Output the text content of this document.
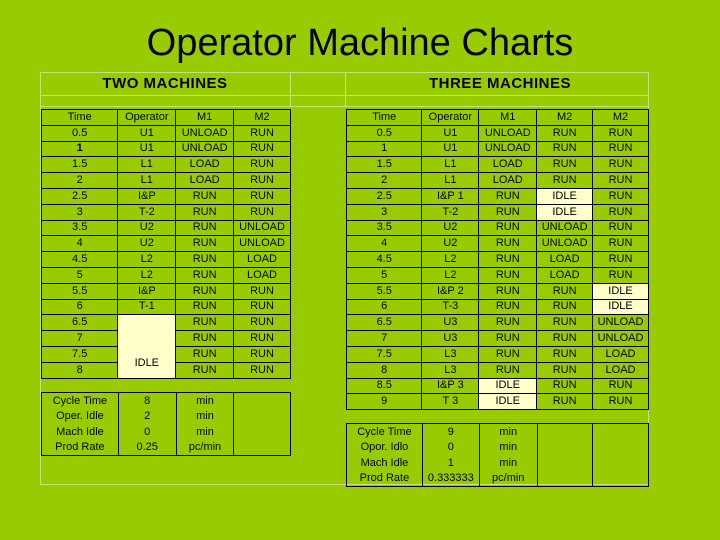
Operator Machine Charts
TWO MACHINES	THREE MACHINES
Time	Operator	M1	M2
0.5	U1	UNLOAD	RUN
1	U1	UNLOAD	RUN
1.5	L1	LOAD	RUN
2	L1	LOAD	RUN
2.5	I&P	RUN	RUN
3	T-2	RUN	RUN
3.5	U2	RUN	UNLOAD
4	U2	RUN	UNLOAD
4.5	L2	RUN	LOAD
5	L2	RUN	LOAD
5.5	I&P	RUN	RUN
6	T-1	RUN	RUN
6.5	IDLE	RUN	RUN
7		RUN	RUN
7.5		RUN	RUN
8		RUN	RUN
Cycle Time	8	min	
Oper. Idle	2	min	
Mach Idle	0	min	
Prod Rate	0.25	pc/min	
Time	Operator	M1	M2	M2
0.5	U1	UNLOAD	RUN	RUN
1	U1	UNLOAD	RUN	RUN
1.5	L1	LOAD	RUN	RUN
2	L1	LOAD	RUN	RUN
2.5	I&P 1	RUN	IDLE	RUN
3	T-2	RUN	IDLE	RUN
3.5	U2	RUN	UNLOAD	RUN
4	U2	RUN	UNLOAD	RUN
4.5	L2	RUN	LOAD	RUN
5	L2	RUN	LOAD	RUN
5.5	I&P 2	RUN	RUN	IDLE
6	T-3	RUN	RUN	IDLE
6.5	U3	RUN	RUN	UNLOAD
7	U3	RUN	RUN	UNLOAD
7.5	L3	RUN	RUN	LOAD
8	L3	RUN	RUN	LOAD
8.5	I&P 3	IDLE	RUN	RUN
9	T 3	IDLE	RUN	RUN
Cycle Time	9	min		
Opor. Idlo	0	min		
Mach Idle	1	min		
Prod Rate	0.333333	pc/min		
